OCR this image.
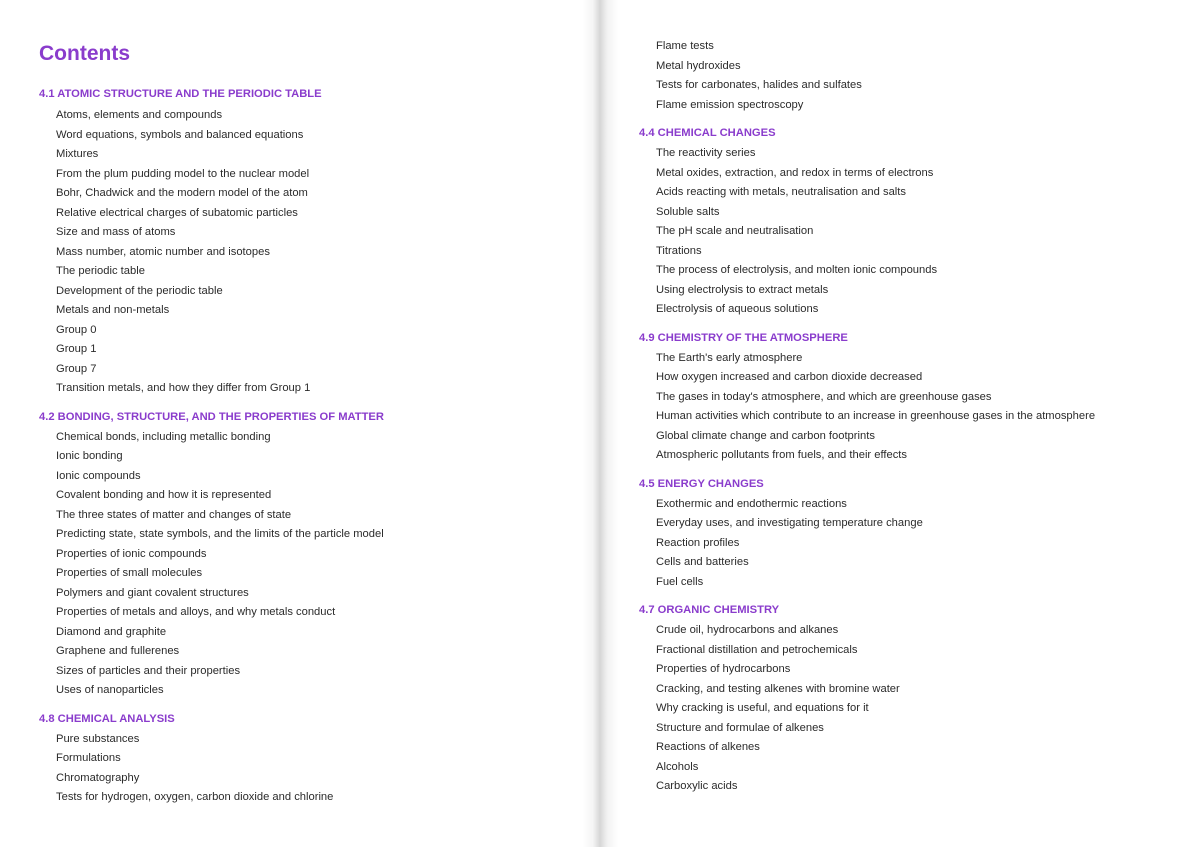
Contents
4.1 ATOMIC STRUCTURE AND THE PERIODIC TABLE
Atoms, elements and compounds
Word equations, symbols and balanced equations
Mixtures
From the plum pudding model to the nuclear model
Bohr, Chadwick and the modern model of the atom
Relative electrical charges of subatomic particles
Size and mass of atoms
Mass number, atomic number and isotopes
The periodic table
Development of the periodic table
Metals and non-metals
Group 0
Group 1
Group 7
Transition metals, and how they differ from Group 1
4.2 BONDING, STRUCTURE, AND THE PROPERTIES OF MATTER
Chemical bonds, including metallic bonding
Ionic bonding
Ionic compounds
Covalent bonding and how it is represented
The three states of matter and changes of state
Predicting state, state symbols, and the limits of the particle model
Properties of ionic compounds
Properties of small molecules
Polymers and giant covalent structures
Properties of metals and alloys, and why metals conduct
Diamond and graphite
Graphene and fullerenes
Sizes of particles and their properties
Uses of nanoparticles
4.8 CHEMICAL ANALYSIS
Pure substances
Formulations
Chromatography
Tests for hydrogen, oxygen, carbon dioxide and chlorine
Flame tests
Metal hydroxides
Tests for carbonates, halides and sulfates
Flame emission spectroscopy
4.4 CHEMICAL CHANGES
The reactivity series
Metal oxides, extraction, and redox in terms of electrons
Acids reacting with metals, neutralisation and salts
Soluble salts
The pH scale and neutralisation
Titrations
The process of electrolysis, and molten ionic compounds
Using electrolysis to extract metals
Electrolysis of aqueous solutions
4.9 CHEMISTRY OF THE ATMOSPHERE
The Earth's early atmosphere
How oxygen increased and carbon dioxide decreased
The gases in today's atmosphere, and which are greenhouse gases
Human activities which contribute to an increase in greenhouse gases in the atmosphere
Global climate change and carbon footprints
Atmospheric pollutants from fuels, and their effects
4.5 ENERGY CHANGES
Exothermic and endothermic reactions
Everyday uses, and investigating temperature change
Reaction profiles
Cells and batteries
Fuel cells
4.7 ORGANIC CHEMISTRY
Crude oil, hydrocarbons and alkanes
Fractional distillation and petrochemicals
Properties of hydrocarbons
Cracking, and testing alkenes with bromine water
Why cracking is useful, and equations for it
Structure and formulae of alkenes
Reactions of alkenes
Alcohols
Carboxylic acids
